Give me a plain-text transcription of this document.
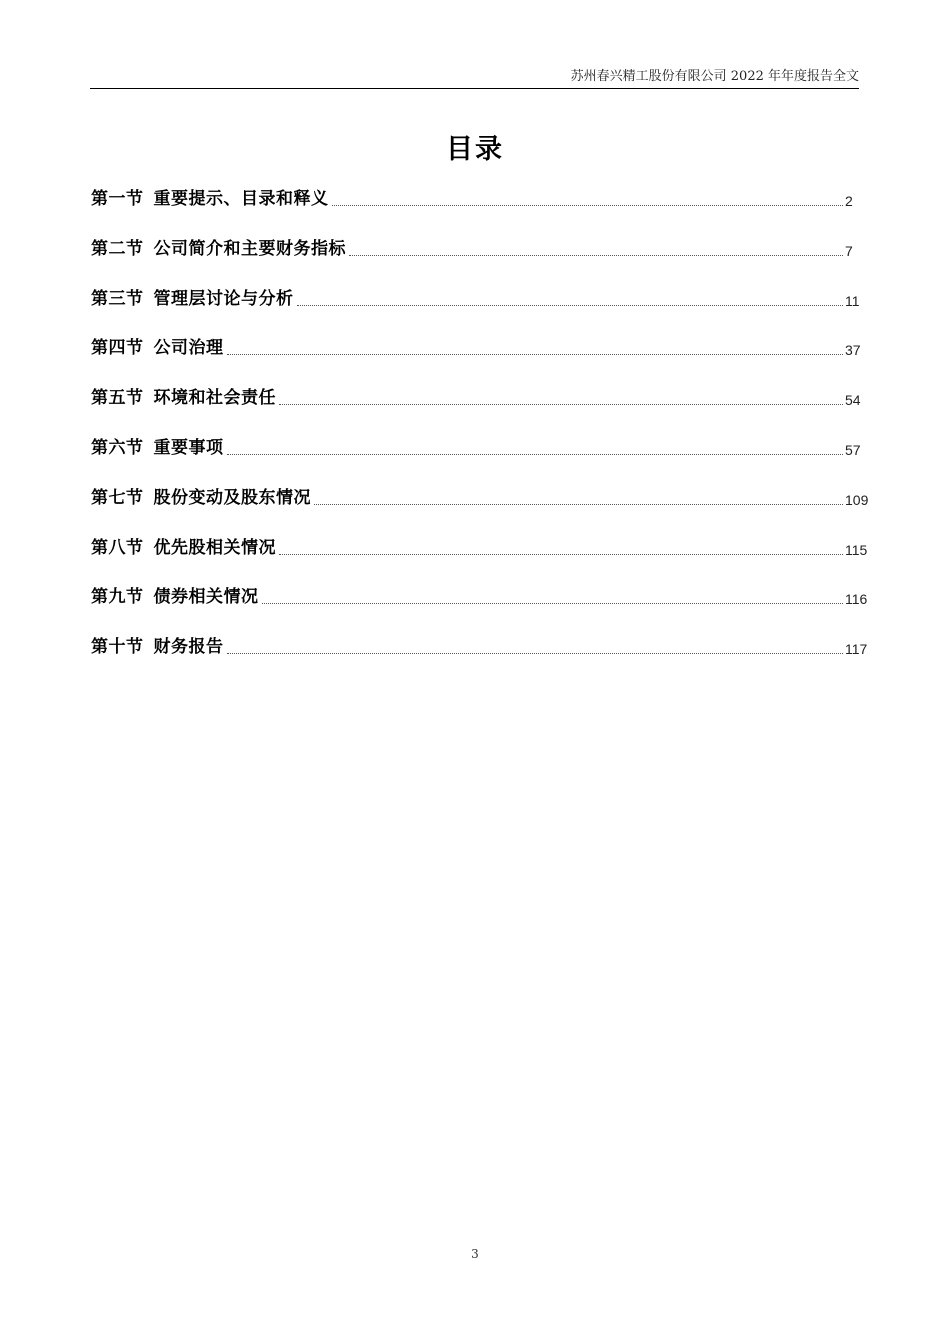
苏州春兴精工股份有限公司 2022 年年度报告全文
目录
第一节 重要提示、目录和释义	2
第二节 公司简介和主要财务指标	7
第三节 管理层讨论与分析	11
第四节 公司治理	37
第五节 环境和社会责任	54
第六节 重要事项	57
第七节 股份变动及股东情况	109
第八节 优先股相关情况	115
第九节 债券相关情况	116
第十节 财务报告	117
3
